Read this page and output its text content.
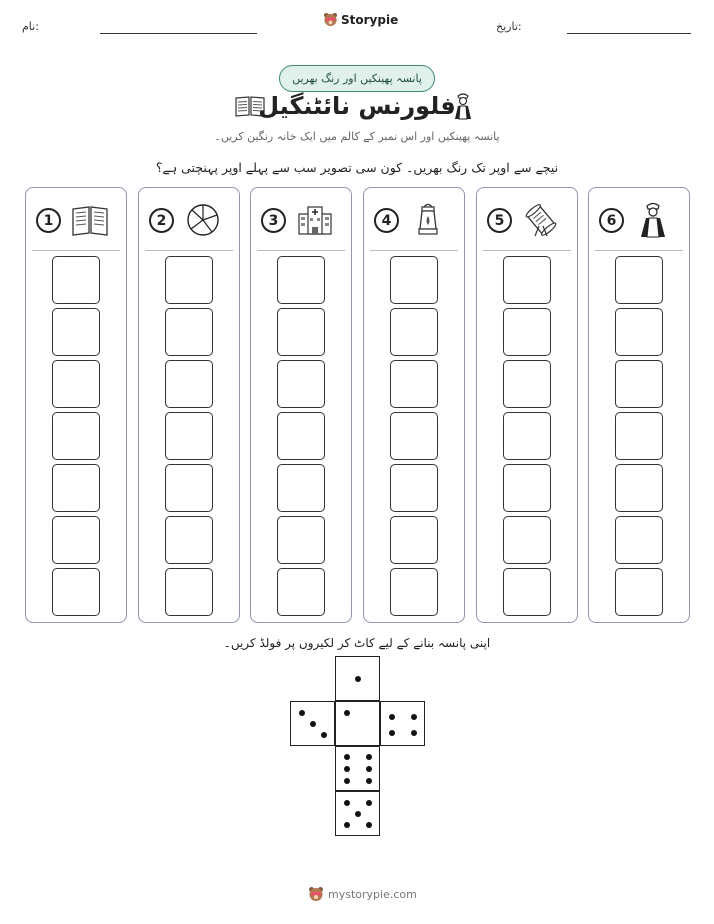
نام:	Storypie	تاریخ:
پانسہ پھینکیں اور رنگ بھریں
فلورنس نائٹنگیل
پانسہ پھینکیں اور اس نمبر کے کالم میں ایک خانہ رنگین کریں۔
نیچے سے اوپر تک رنگ بھریں۔ کون سی تصویر سب سے پہلے اوپر پہنچتی ہے؟
1	2	3	4	5	6
اپنی پانسہ بنانے کے لیے کاٹ کر لکیروں پر فولڈ کریں۔
mystorypie.com
